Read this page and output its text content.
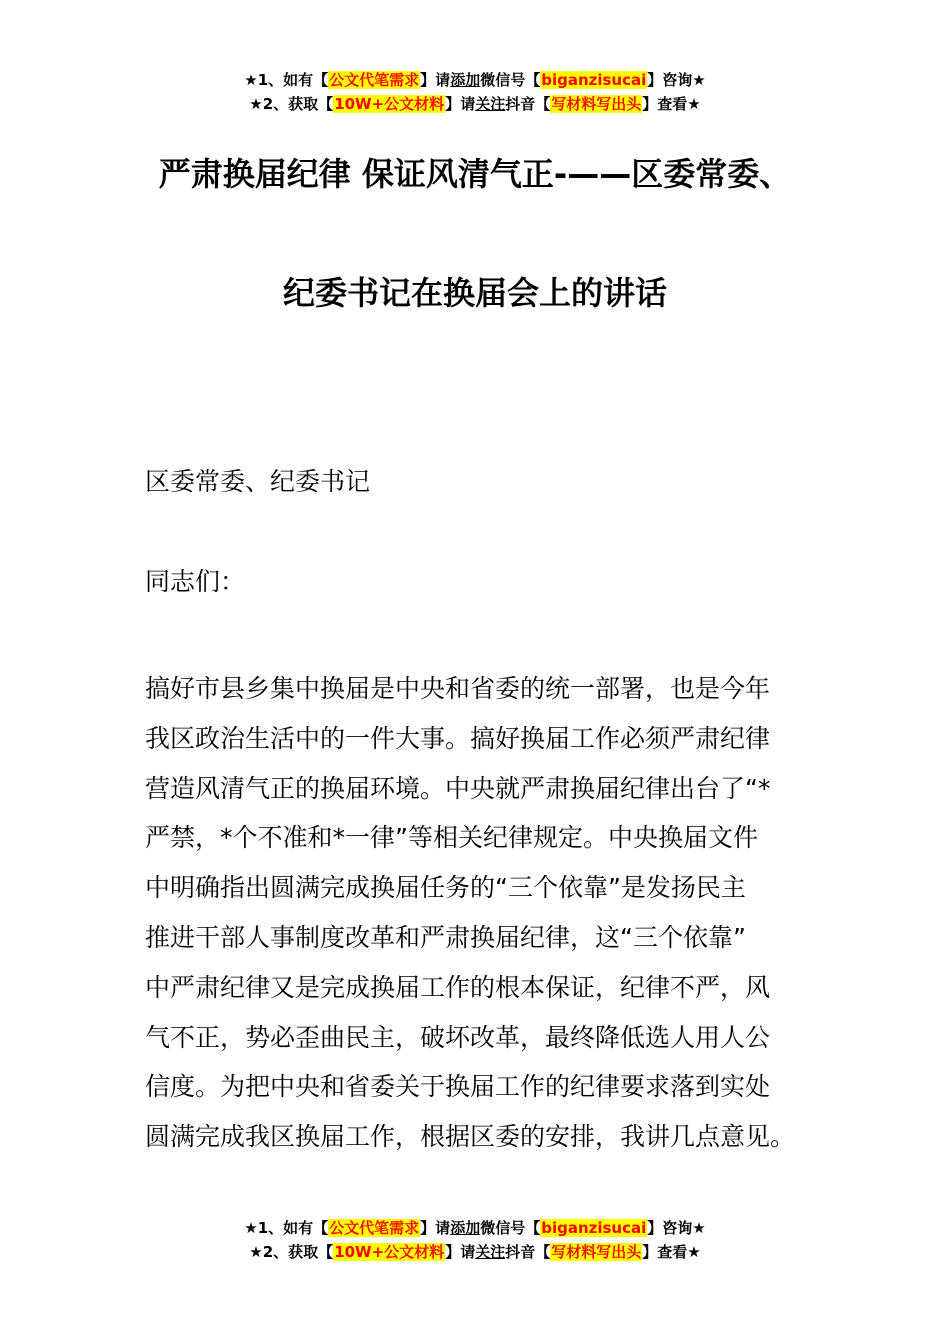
★1、如有【公文代笔需求】请添加微信号【biganzisucai】咨询★
★2、获取【10W+公文材料】请关注抖音【写材料写出头】查看★
严肃换届纪律 保证风清气正-——区委常委、
纪委书记在换届会上的讲话
区委常委、纪委书记
同志们：
搞好市县乡集中换届是中央和省委的统一部署，也是今年
我区政治生活中的一件大事。搞好换届工作必须严肃纪律
营造风清气正的换届环境。中央就严肃换届纪律出台了“*
严禁，*个不准和*一律”等相关纪律规定。中央换届文件
中明确指出圆满完成换届任务的“三个依靠”是发扬民主
推进干部人事制度改革和严肃换届纪律，这“三个依靠”
中严肃纪律又是完成换届工作的根本保证，纪律不严，风
气不正，势必歪曲民主，破坏改革，最终降低选人用人公
信度。为把中央和省委关于换届工作的纪律要求落到实处
圆满完成我区换届工作，根据区委的安排，我讲几点意见。
★1、如有【公文代笔需求】请添加微信号【biganzisucai】咨询★
★2、获取【10W+公文材料】请关注抖音【写材料写出头】查看★
